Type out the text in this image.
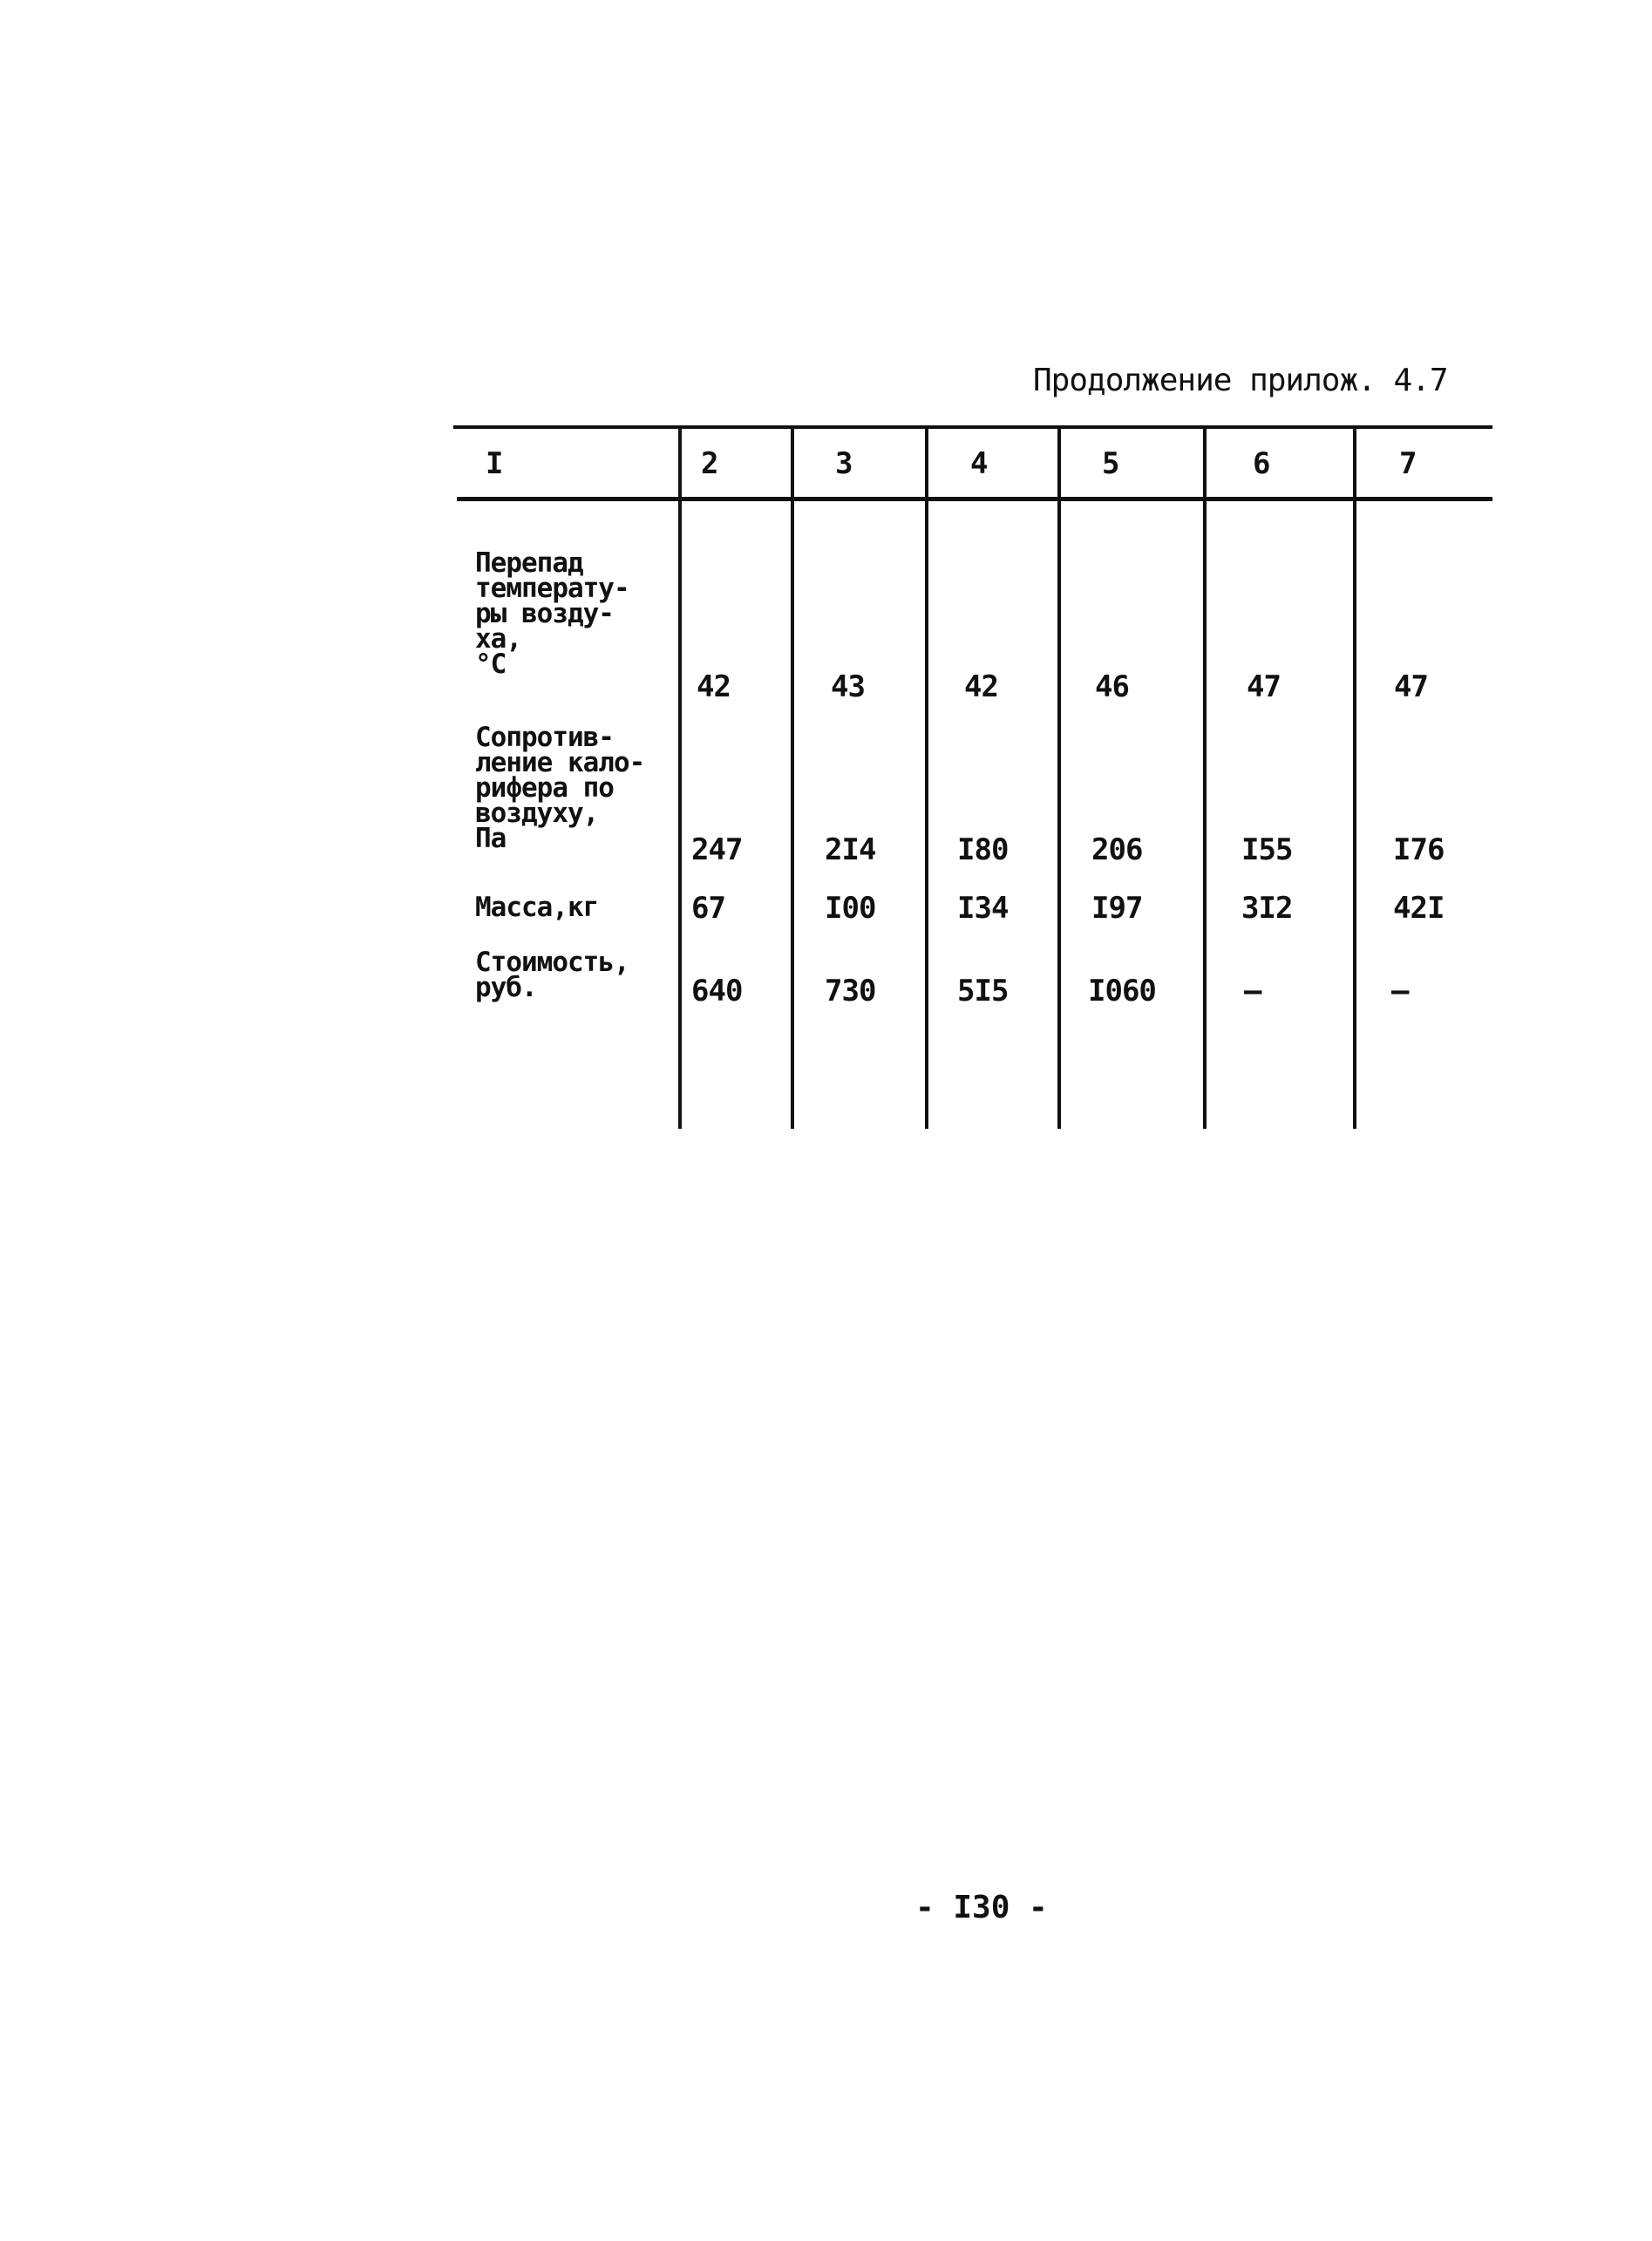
Продолжение прилож. 4.7
I	2	3	4	5	6	7
Перепад
температу-
ры возду-
ха,
°С
42	43	42	46	47	47
Сопротив-
ление кало-
рифера по
воздуху,
Па	247	2I4	I80	206	I55	I76
Масса,кг	67	I00	I34	I97	3I2	42I
Стоимость,
руб.	640	730	5I5	I060	–	–
- I30 -
